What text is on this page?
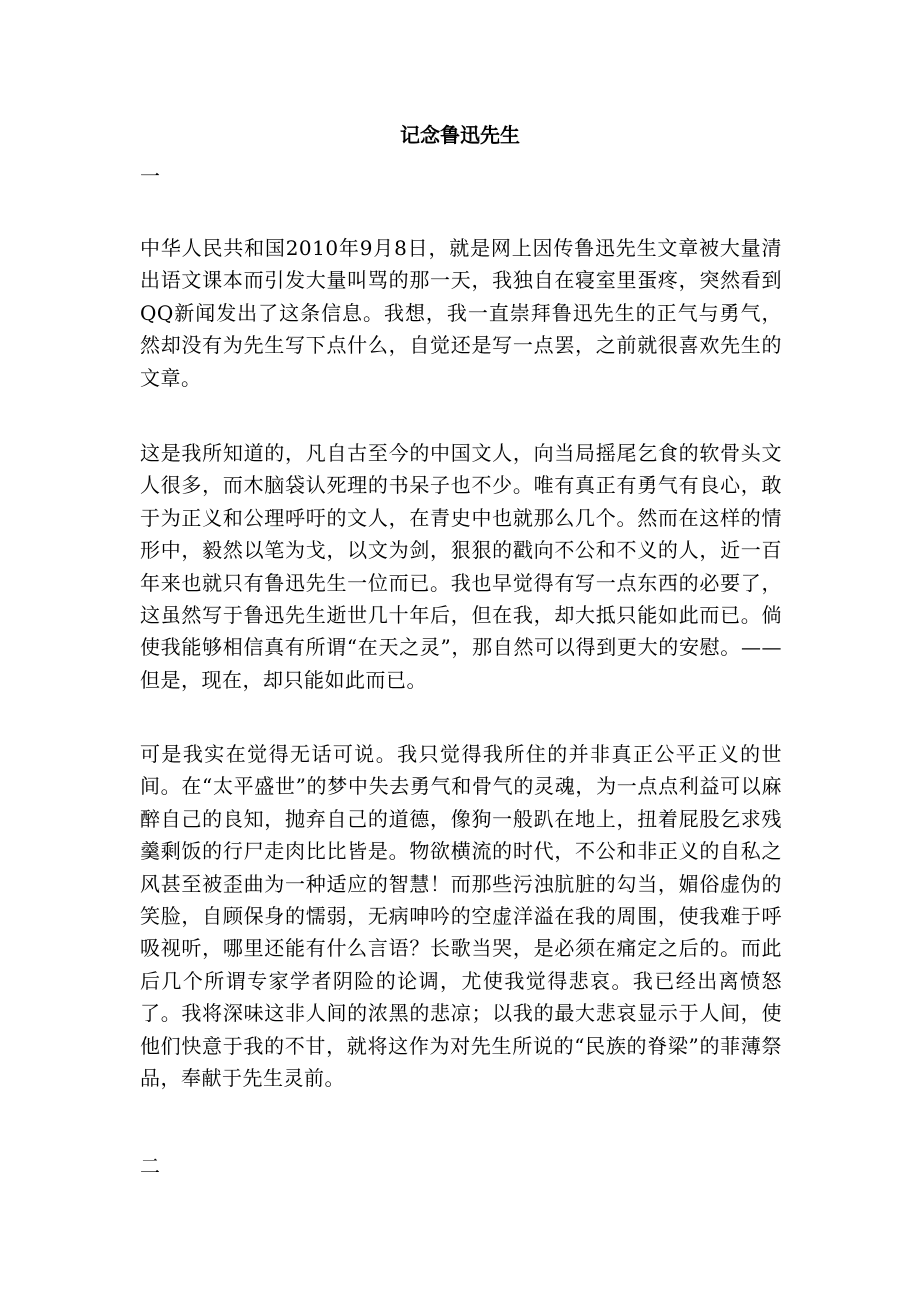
记念鲁迅先生
一
中华人民共和国2010年9月8日，就是网上因传鲁迅先生文章被大量清出语文课本而引发大量叫骂的那一天，我独自在寝室里蛋疼，突然看到QQ新闻发出了这条信息。我想，我一直崇拜鲁迅先生的正气与勇气，然却没有为先生写下点什么，自觉还是写一点罢，之前就很喜欢先生的文章。
这是我所知道的，凡自古至今的中国文人，向当局摇尾乞食的软骨头文人很多，而木脑袋认死理的书呆子也不少。唯有真正有勇气有良心，敢于为正义和公理呼吁的文人，在青史中也就那么几个。然而在这样的情形中，毅然以笔为戈，以文为剑，狠狠的戳向不公和不义的人，近一百年来也就只有鲁迅先生一位而已。我也早觉得有写一点东西的必要了，这虽然写于鲁迅先生逝世几十年后，但在我，却大抵只能如此而已。倘使我能够相信真有所谓“在天之灵”，那自然可以得到更大的安慰。——但是，现在，却只能如此而已。
可是我实在觉得无话可说。我只觉得我所住的并非真正公平正义的世间。在“太平盛世”的梦中失去勇气和骨气的灵魂，为一点点利益可以麻醉自己的良知，抛弃自己的道德，像狗一般趴在地上，扭着屁股乞求残羹剩饭的行尸走肉比比皆是。物欲横流的时代，不公和非正义的自私之风甚至被歪曲为一种适应的智慧！而那些污浊肮脏的勾当，媚俗虚伪的笑脸，自顾保身的懦弱，无病呻吟的空虚洋溢在我的周围，使我难于呼吸视听，哪里还能有什么言语？长歌当哭，是必须在痛定之后的。而此后几个所谓专家学者阴险的论调，尤使我觉得悲哀。我已经出离愤怒了。我将深味这非人间的浓黑的悲凉；以我的最大悲哀显示于人间，使他们快意于我的不甘，就将这作为对先生所说的“民族的脊梁”的菲薄祭品，奉献于先生灵前。
二
